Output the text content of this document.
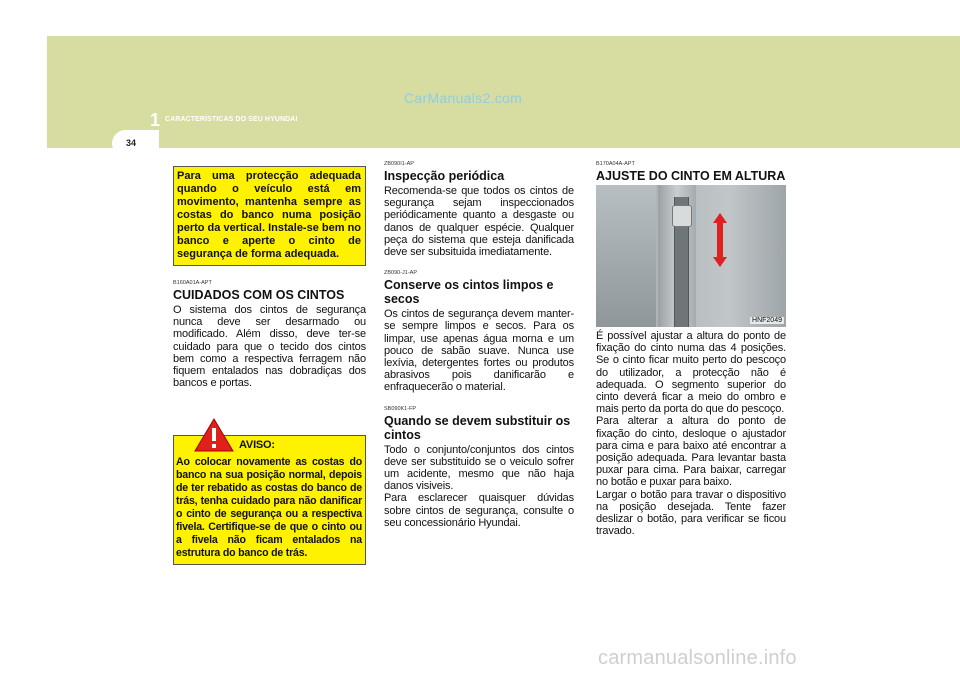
1 CARACTERÍSTICAS DO SEU HYUNDAI
CarManuals2.com
34
Para uma protecção adequada quando o veículo está em movimento, mantenha sempre as costas do banco numa posição perto da vertical. Instale-se bem no banco e aperte o cinto de segurança de forma adequada.
B160A01A-APT
CUIDADOS COM OS CINTOS
O sistema dos cintos de segurança nunca deve ser desarmado ou modificado. Além disso, deve ter-se cuidado para que o tecido dos cintos bem como a respectiva ferragem não fiquem entalados nas dobradiças dos bancos e portas.
AVISO:
Ao colocar novamente as costas do banco na sua posição normal, depois de ter rebatido as costas do banco de trás, tenha cuidado para não danificar o cinto de segurança ou a respectiva fivela. Certifique-se de que o cinto ou a fivela não ficam entalados na estrutura do banco de trás.
ZB090I1-AP
Inspecção periódica
Recomenda-se que todos os cintos de segurança sejam inspeccionados periódicamente quanto a desgaste ou danos de qualquer espécie. Qualquer peça do sistema que esteja danificada deve ser subsituida imediatamente.
ZB090-J1-AP
Conserve os cintos limpos e secos
Os cintos de segurança devem manter-se sempre limpos e secos. Para os limpar, use apenas água morna e um pouco de sabão suave. Nunca use lexívia, detergentes fortes ou produtos abrasivos pois danificarão e enfraquecerão o material.
SB090K1-FP
Quando se devem substituir os cintos
Todo o conjunto/conjuntos dos cintos deve ser substituido se o veiculo sofrer um acidente, mesmo que não haja danos visiveis.
Para esclarecer quaisquer dúvidas sobre cintos de segurança, consulte o seu concessionário Hyundai.
B170A04A-APT
AJUSTE DO CINTO EM ALTURA
HNF2049
É possível ajustar a altura do ponto de fixação do cinto numa das 4 posições. Se o cinto ficar muito perto do pescoço do utilizador, a protecção não é adequada. O segmento superior do cinto deverá ficar a meio do ombro e mais perto da porta do que do pescoço.
Para alterar a altura do ponto de fixação do cinto, desloque o ajustador para cima e para baixo até encontrar a posição adequada. Para levantar basta puxar para cima. Para baixar, carregar no botão e puxar para baixo.
Largar o botão para travar o dispositivo na posição desejada. Tente fazer deslizar o botão, para verificar se ficou travado.
carmanualsonline.info
